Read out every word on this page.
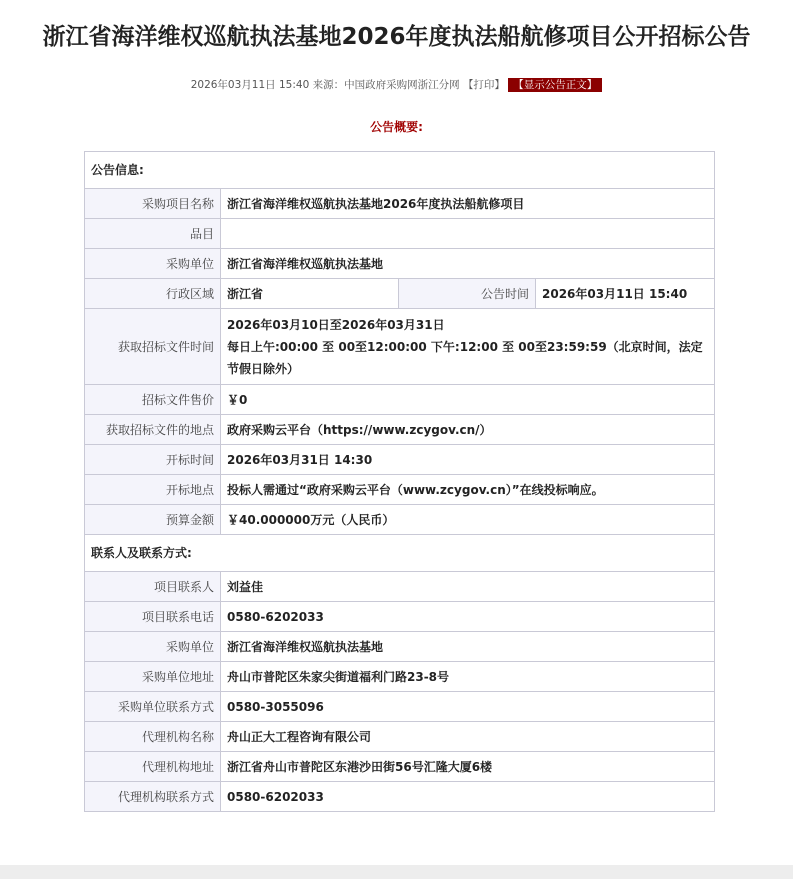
浙江省海洋维权巡航执法基地2026年度执法船航修项目公开招标公告
2026年03月11日 15:40 来源：中国政府采购网浙江分网 【打印】 【显示公告正文】
公告概要:
公告信息:			
采购项目名称	浙江省海洋维权巡航执法基地2026年度执法船航修项目		
品目			
采购单位	浙江省海洋维权巡航执法基地		
行政区域	浙江省	公告时间	2026年03月11日 15:40
获取招标文件时间	2026年03月10日至2026年03月31日
每日上午:00:00 至 00至12:00:00 下午:12:00 至 00至23:59:59（北京时间，法定节假日除外）		

招标文件售价	￥0		
获取招标文件的地点	政府采购云平台（https://www.zcygov.cn/）		
开标时间	2026年03月31日 14:30		
开标地点	投标人需通过“政府采购云平台（www.zcygov.cn）”在线投标响应。		
预算金额	￥40.000000万元（人民币）		
联系人及联系方式:			
项目联系人	刘益佳		
项目联系电话	0580-6202033		
采购单位	浙江省海洋维权巡航执法基地		
采购单位地址	舟山市普陀区朱家尖街道福利门路23-8号		
采购单位联系方式	0580-3055096		
代理机构名称	舟山正大工程咨询有限公司		
代理机构地址	浙江省舟山市普陀区东港沙田街56号汇隆大厦6楼		
代理机构联系方式	0580-6202033		
